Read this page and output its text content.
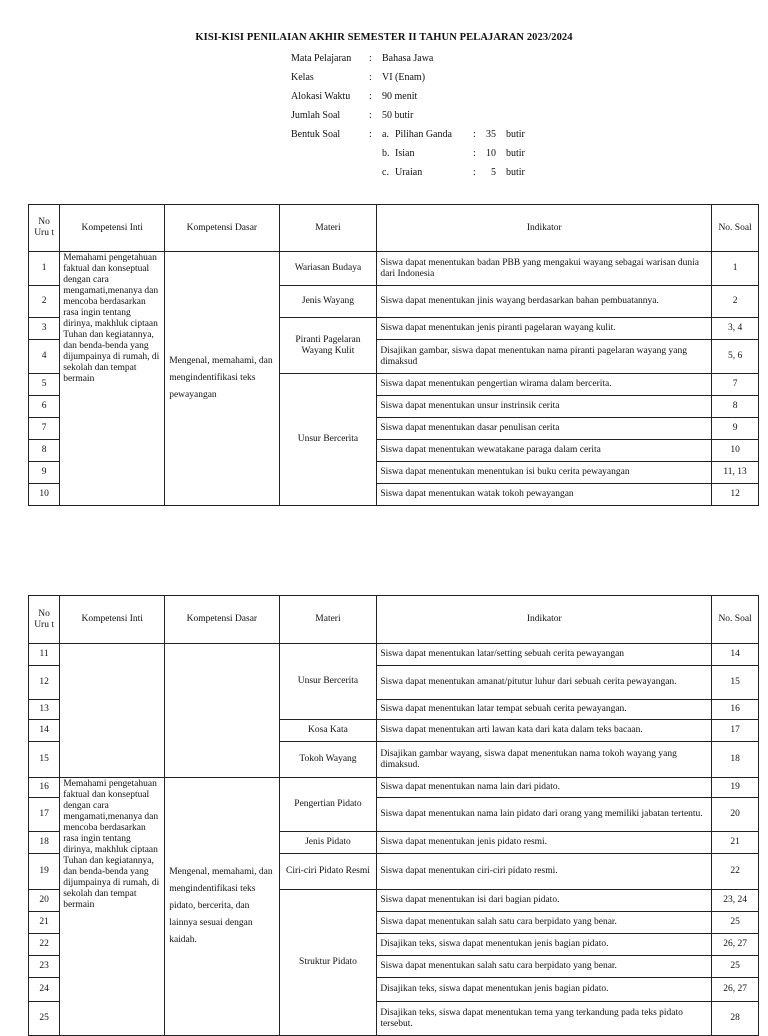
KISI-KISI PENILAIAN AKHIR SEMESTER II TAHUN PELAJARAN 2023/2024
Mata Pelajaran	: Bahasa Jawa
Kelas	: VI (Enam)
Alokasi Waktu	: 90 menit
Jumlah Soal	: 50 butir
Bentuk Soal	: a. Pilihan Ganda : 35 butir
b. Isian	: 10 butir
c. Uraian	: 5 butir
No Uru t	Kompetensi Inti	Kompetensi Dasar	Materi	Indikator	No. Soal
1	Memahami pengetahuan faktual dan konseptual dengan cara mengamati,menanya dan mencoba berdasarkan rasa ingin tentang dirinya, makhluk ciptaan Tuhan dan kegiatannya, dan benda-benda yang dijumpainya di rumah, di sekolah dan tempat bermain	Mengenal, memahami, dan mengindentifikasi teks pewayangan	Wariasan Budaya	Siswa dapat menentukan badan PBB yang mengakui wayang sebagai warisan dunia dari Indonesia	1
2			Jenis Wayang	Siswa dapat menentukan jinis wayang berdasarkan bahan pembuatannya.	2
3			Piranti Pagelaran Wayang Kulit	Siswa dapat menentukan jenis piranti pagelaran wayang kulit.	3, 4
4				Disajikan gambar, siswa dapat menentukan nama piranti pagelaran wayang yang dimaksud	5, 6
5			Unsur Bercerita	Siswa dapat menentukan pengertian wirama dalam bercerita.	7
6				Siswa dapat menentukan unsur instrinsik cerita	8
7				Siswa dapat menentukan dasar penulisan cerita	9
8				Siswa dapat menentukan wewatakane paraga dalam cerita	10
9				Siswa dapat menentukan menentukan isi buku cerita pewayangan	11, 13
10				Siswa dapat menentukan watak tokoh pewayangan	12
No Uru t	Kompetensi Inti	Kompetensi Dasar	Materi	Indikator	No. Soal
11			Unsur Bercerita	Siswa dapat menentukan latar/setting sebuah cerita pewayangan	14
12				Siswa dapat menentukan amanat/pitutur luhur dari sebuah cerita pewayangan.	15
13				Siswa dapat menentukan latar tempat sebuah cerita pewayangan.	16
14			Kosa Kata	Siswa dapat menentukan arti lawan kata dari kata dalam teks bacaan.	17
15			Tokoh Wayang	Disajikan gambar wayang, siswa dapat menentukan nama tokoh wayang yang dimaksud.	18
16	Memahami pengetahuan faktual dan konseptual dengan cara mengamati,menanya dan mencoba berdasarkan rasa ingin tentang dirinya, makhluk ciptaan Tuhan dan kegiatannya, dan benda-benda yang dijumpainya di rumah, di sekolah dan tempat bermain	Mengenal, memahami, dan mengindentifikasi teks pidato, bercerita, dan lainnya sesuai dengan kaidah.	Pengertian Pidato	Siswa dapat menentukan nama lain dari pidato.	19
17				Siswa dapat menentukan nama lain pidato dari orang yang memiliki jabatan tertentu.	20
18			Jenis Pidato	Siswa dapat menentukan jenis pidato resmi.	21
19			Ciri-ciri Pidato Resmi	Siswa dapat menentukan ciri-ciri pidato resmi.	22
20			Struktur Pidato	Siswa dapat menentukan isi dari bagian pidato.	23, 24
21				Siswa dapat menentukan salah satu cara berpidato yang benar.	25
22				Disajikan teks, siswa dapat menentukan jenis bagian pidato.	26, 27
23				Siswa dapat menentukan salah satu cara berpidato yang benar.	25
24				Disajikan teks, siswa dapat menentukan jenis bagian pidato.	26, 27
25				Disajikan teks, siswa dapat menentukan tema yang terkandung pada teks pidato tersebut.	28
